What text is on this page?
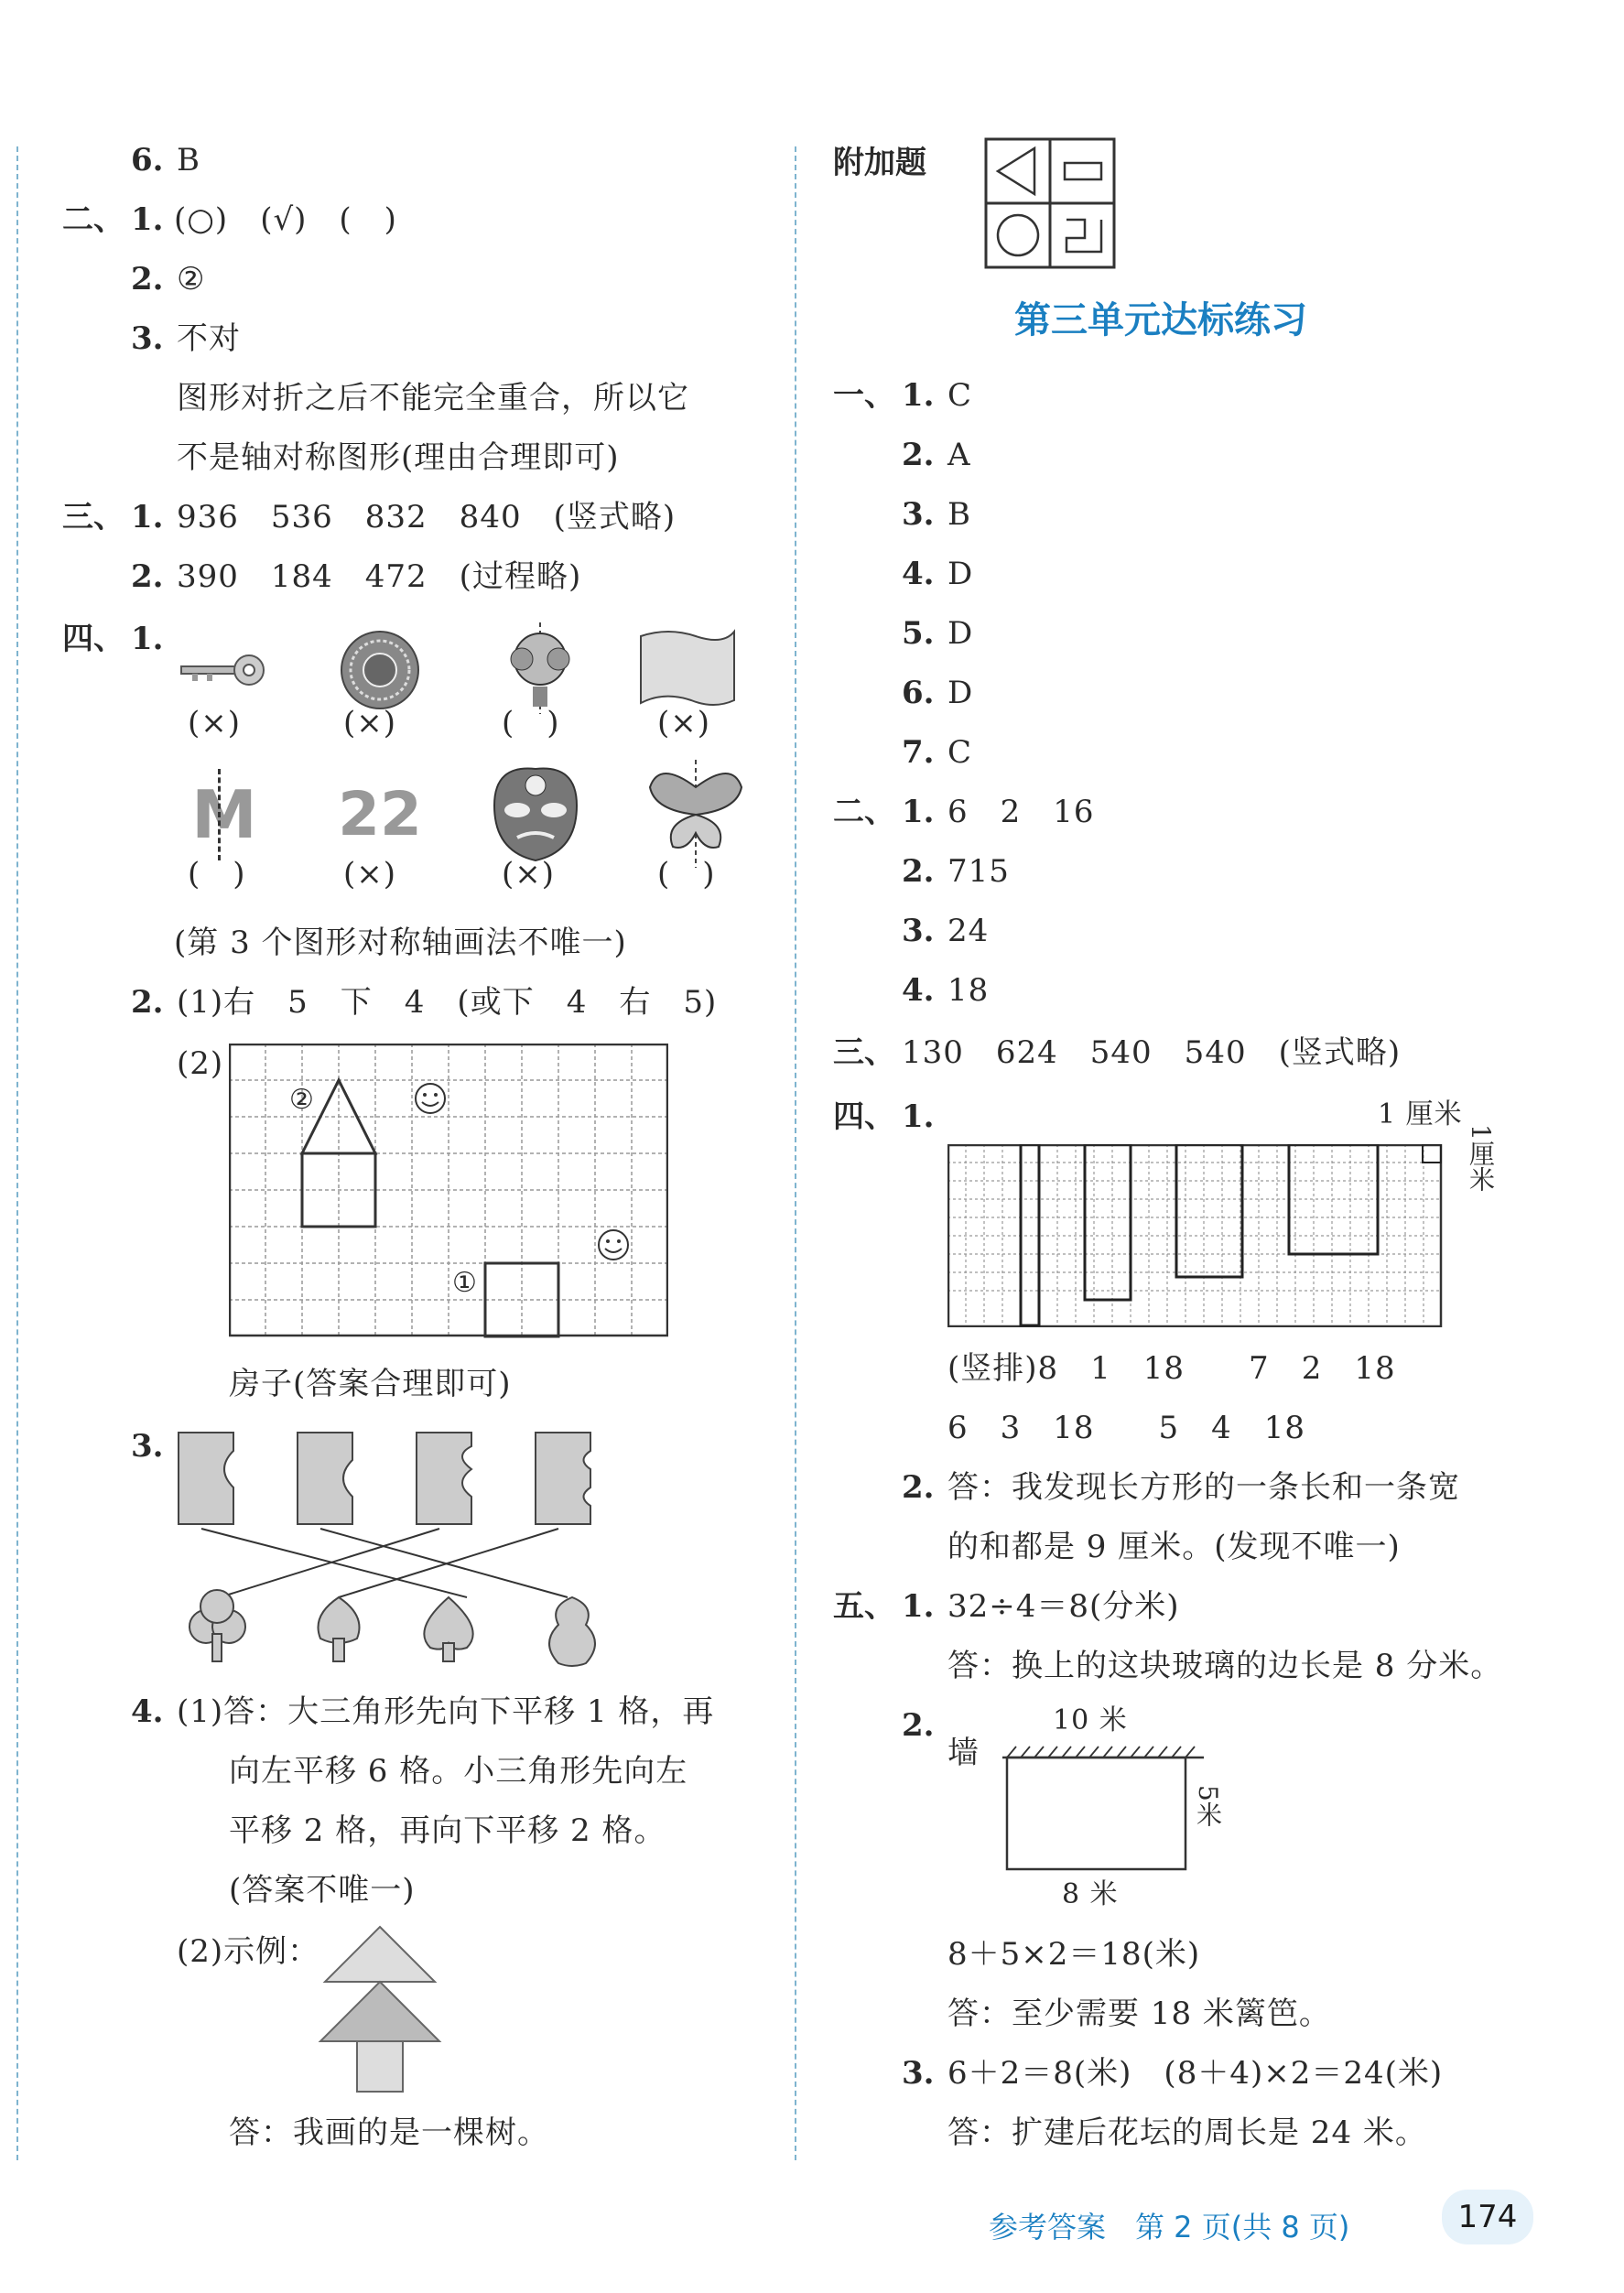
6. B
二、 1. (○)　(√)　(　)
2. ②
3. 不对
图形对折之后不能完全重合，所以它
不是轴对称图形(理由合理即可)
三、 1. 936　536　832　840　(竖式略)
2. 390　184　472　(过程略)
四、 1.
(×)	(×)	(　)	(×)
M 22
(　)	(×)	(×)	(　)
(第 3 个图形对称轴画法不唯一)
2. (1)右　5　下　4　(或下　4　右　5)
(2)
②
①
房子(答案合理即可)
3.
4. (1)答：大三角形先向下平移 1 格，再
向左平移 6 格。小三角形先向左
平移 2 格，再向下平移 2 格。
(答案不唯一)
(2)示例：
答：我画的是一棵树。
附加题
第三单元达标练习
一、 1. C
2. A
3. B
4. D
5. D
6. D
7. C
二、 1. 6　2　16
2. 715
3. 24
4. 18
三、 130　624　540　540　(竖式略)
四、 1.	1 厘米
1厘米
(竖排)8　1　18　　7　2　18
6　3　18　　5　4　18
2. 答：我发现长方形的一条长和一条宽
的和都是 9 厘米。(发现不唯一)
五、 1. 32÷4＝8(分米)
答：换上的这块玻璃的边长是 8 分米。
2.	10 米
墙
5米
8 米
8＋5×2＝18(米)
答：至少需要 18 米篱笆。
3. 6＋2＝8(米)　(8＋4)×2＝24(米)
答：扩建后花坛的周长是 24 米。
参考答案　第 2 页(共 8 页)	174
